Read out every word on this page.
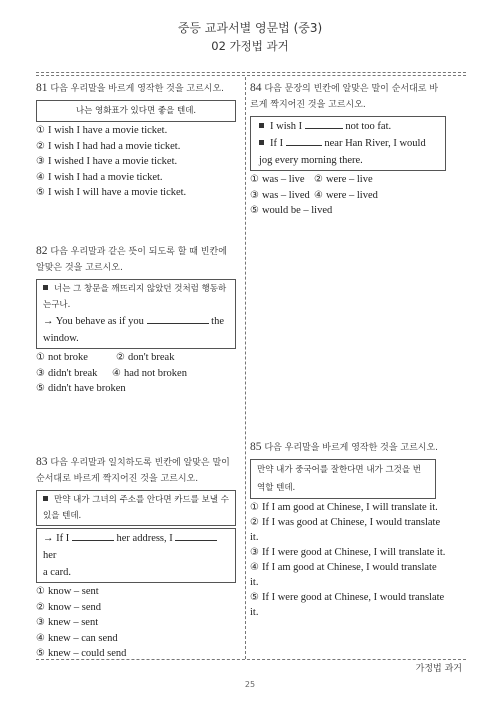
중등 교과서별 영문법 (중3)
02 가정법 과거
81 다음 우리말을 바르게 영작한 것을 고르시오.
나는 영화표가 있다면 좋을 텐데.
① I wish I have a movie ticket.
② I wish I had had a movie ticket.
③ I wished I have a movie ticket.
④ I wish I had a movie ticket.
⑤ I wish I will have a movie ticket.
82 다음 우리말과 같은 뜻이 되도록 할 때 빈칸에 알맞은 것을 고르시오.
너는 그 창문을 깨뜨리지 않았던 것처럼 행동하는구나.
→ You behave as if you	the window.
① not broke	② don't break
③ didn't break ④ had not broken
⑤ didn't have broken
83 다음 우리말과 일치하도록 빈칸에 알맞은 말이 순서대로 바르게 짝지어진 것을 고르시오.
만약 내가 그녀의 주소를 안다면 카드를 보낼 수 있을 텐데.
→ If I	her address, I  her
a card.
① know – sent
② know – send
③ knew – sent
④ knew – can send
⑤ knew – could send
84 다음 문장의 빈칸에 알맞은 말이 순서대로 바르게 짝지어진 것을 고르시오.
I wish I	not too fat.
If I	near Han River, I would jog every morning there.
① was – live ② were – live
③ was – lived ④ were – lived
⑤ would be – lived
85 다음 우리말을 바르게 영작한 것을 고르시오.
만약 내가 중국어를 잘한다면 내가 그것을 번역할 텐데.
① If I am good at Chinese, I will translate it.
② If I was good at Chinese, I would translate it.
③ If I were good at Chinese, I will translate it.
④ If I am good at Chinese, I would translate it.
⑤ If I were good at Chinese, I would translate it.
가정법 과거
25
